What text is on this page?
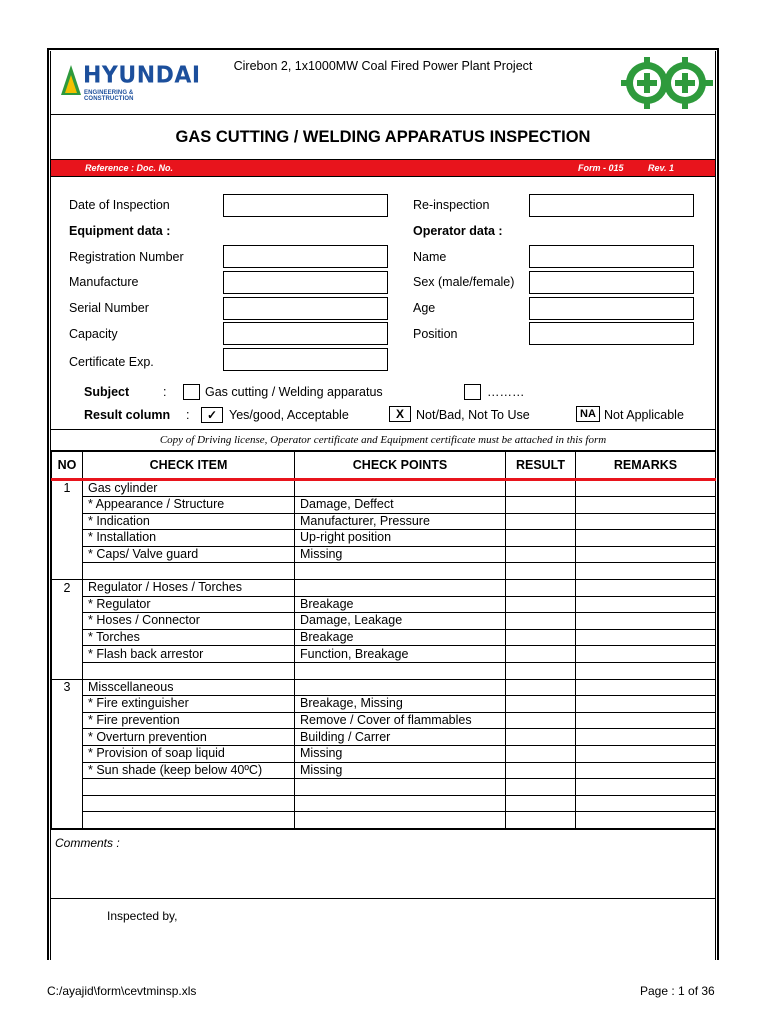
HYUNDAI
ENGINEERING & CONSTRUCTION
Cirebon 2, 1x1000MW Coal Fired Power Plant Project
GAS CUTTING / WELDING APPARATUS INSPECTION
Reference : Doc. No.	Form - 015	Rev. 1
Date of Inspection	Re-inspection
Equipment data :	Operator data :
Registration Number	Name
Manufacture	Sex (male/female)
Serial Number	Age
Capacity	Position
Certificate Exp.
Subject	:	Gas cutting / Welding apparatus	………
Result column :	✓ Yes/good, Acceptable	X Not/Bad, Not To Use	NA Not Applicable
Copy of Driving license, Operator certificate and Equipment certificate must be attached in this form
NO	CHECK ITEM	CHECK POINTS	RESULT	REMARKS
1	Gas cylinder			
	* Appearance / Structure	Damage, Deffect		
	* Indication	Manufacturer, Pressure		
	* Installation	Up-right position		
	* Caps/ Valve guard	Missing		

2	Regulator / Hoses / Torches			
	* Regulator	Breakage		
	* Hoses / Connector	Damage, Leakage		
	* Torches	Breakage		
	* Flash back arrestor	Function, Breakage		

3	Misscellaneous			
	* Fire extinguisher	Breakage, Missing		
	* Fire prevention	Remove / Cover of flammables		
	* Overturn prevention	Building / Carrer		
	* Provision of soap liquid	Missing		
	* Sun shade (keep below 40ºC)	Missing		

Comments :
Inspected by,
C:/ayajid\form\cevtminsp.xls	Page : 1 of 36
